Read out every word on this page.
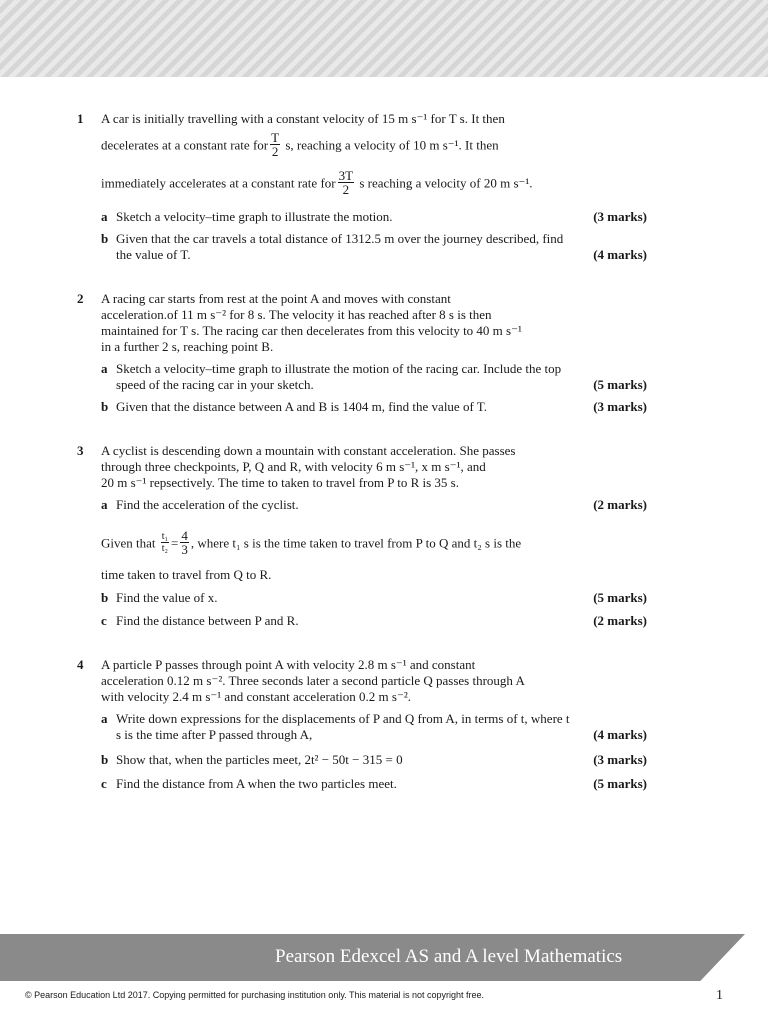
1 A car is initially travelling with a constant velocity of 15 m s⁻¹ for T s. It then
decelerates at a constant rate for $\frac{T}{2} s$, reaching a velocity of 10 m s⁻¹. It then
immediately accelerates at a constant rate for $\frac{3T}{2}$ s reaching a velocity of 20 m s⁻¹.
a Sketch a velocity–time graph to illustrate the motion.	(3 marks)
b Given that the car travels a total distance of 1312.5 m over the journey described, find the value of T.	(4 marks)
2 A racing car starts from rest at the point A and moves with constant
acceleration.of 11 m s⁻² for 8 s. The velocity it has reached after 8 s is then
maintained for T s. The racing car then decelerates from this velocity to 40 m s⁻¹
in a further 2 s, reaching point B.
a Sketch a velocity–time graph to illustrate the motion of the racing car. Include the top speed of the racing car in your sketch.	(5 marks)
b Given that the distance between A and B is 1404 m, find the value of T.	(3 marks)
3 A cyclist is descending down a mountain with constant acceleration. She passes
through three checkpoints, P, Q and R, with velocity 6 m s⁻¹, x m s⁻¹, and
20 m s⁻¹ repsectively. The time to taken to travel from P to R is 35 s.
a Find the acceleration of the cyclist.	(2 marks)
Given that $\frac{\text{t₁}}{\text{t₂}} = \frac{4}{3}$ , where t₁ s is the time taken to travel from P to Q and t₂ s is the
time taken to travel from Q to R.
b Find the value of x.	(5 marks)
c Find the distance between P and R.	(2 marks)
4 A particle P passes through point A with velocity 2.8 m s⁻¹ and constant
acceleration 0.12 m s⁻². Three seconds later a second particle Q passes through A
with velocity 2.4 m s⁻¹ and constant acceleration 0.2 m s⁻².
a Write down expressions for the displacements of P and Q from A, in terms of t, where t s is the time after P passed through A,	(4 marks)
b Show that, when the particles meet, 2t² − 50t − 315 = 0	(3 marks)
c Find the distance from A when the two particles meet.	(5 marks)
Pearson Edexcel AS and A level Mathematics
© Pearson Education Ltd 2017. Copying permitted for purchasing institution only. This material is not copyright free.	1
